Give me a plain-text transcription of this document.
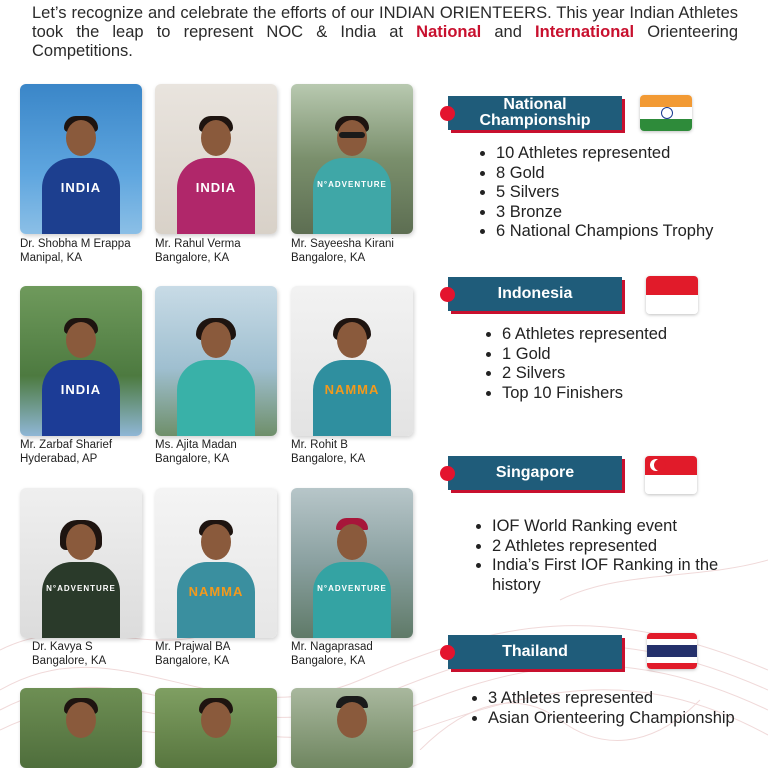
Let’s recognize and celebrate the efforts of our INDIAN ORIENTEERS. This year Indian Athletes took the leap to represent NOC & India at National and International Orienteering Competitions.
INDIA
Dr. Shobha M Erappa
Manipal, KA
INDIA
Mr. Rahul Verma
Bangalore, KA
N°ADVENTURE
Mr. Sayeesha Kirani
Bangalore, KA
INDIA
Mr. Zarbaf Sharief
Hyderabad, AP
Ms. Ajita Madan
Bangalore, KA
NAMMA
Mr. Rohit B
Bangalore, KA
N°ADVENTURE
Dr. Kavya S
Bangalore, KA
NAMMA
Mr. Prajwal BA
Bangalore, KA
N°ADVENTURE
Mr. Nagaprasad
Bangalore, KA
National
Championship
• 10 Athletes represented
• 8 Gold
• 5 Silvers
• 3 Bronze
• 6 National Champions Trophy
Indonesia
• 6 Athletes represented
• 1 Gold
• 2 Silvers
• Top 10 Finishers
Singapore
• IOF World Ranking event
• 2 Athletes represented
• India’s First IOF Ranking in the history
Thailand
• 3 Athletes represented
• Asian Orienteering Championship
